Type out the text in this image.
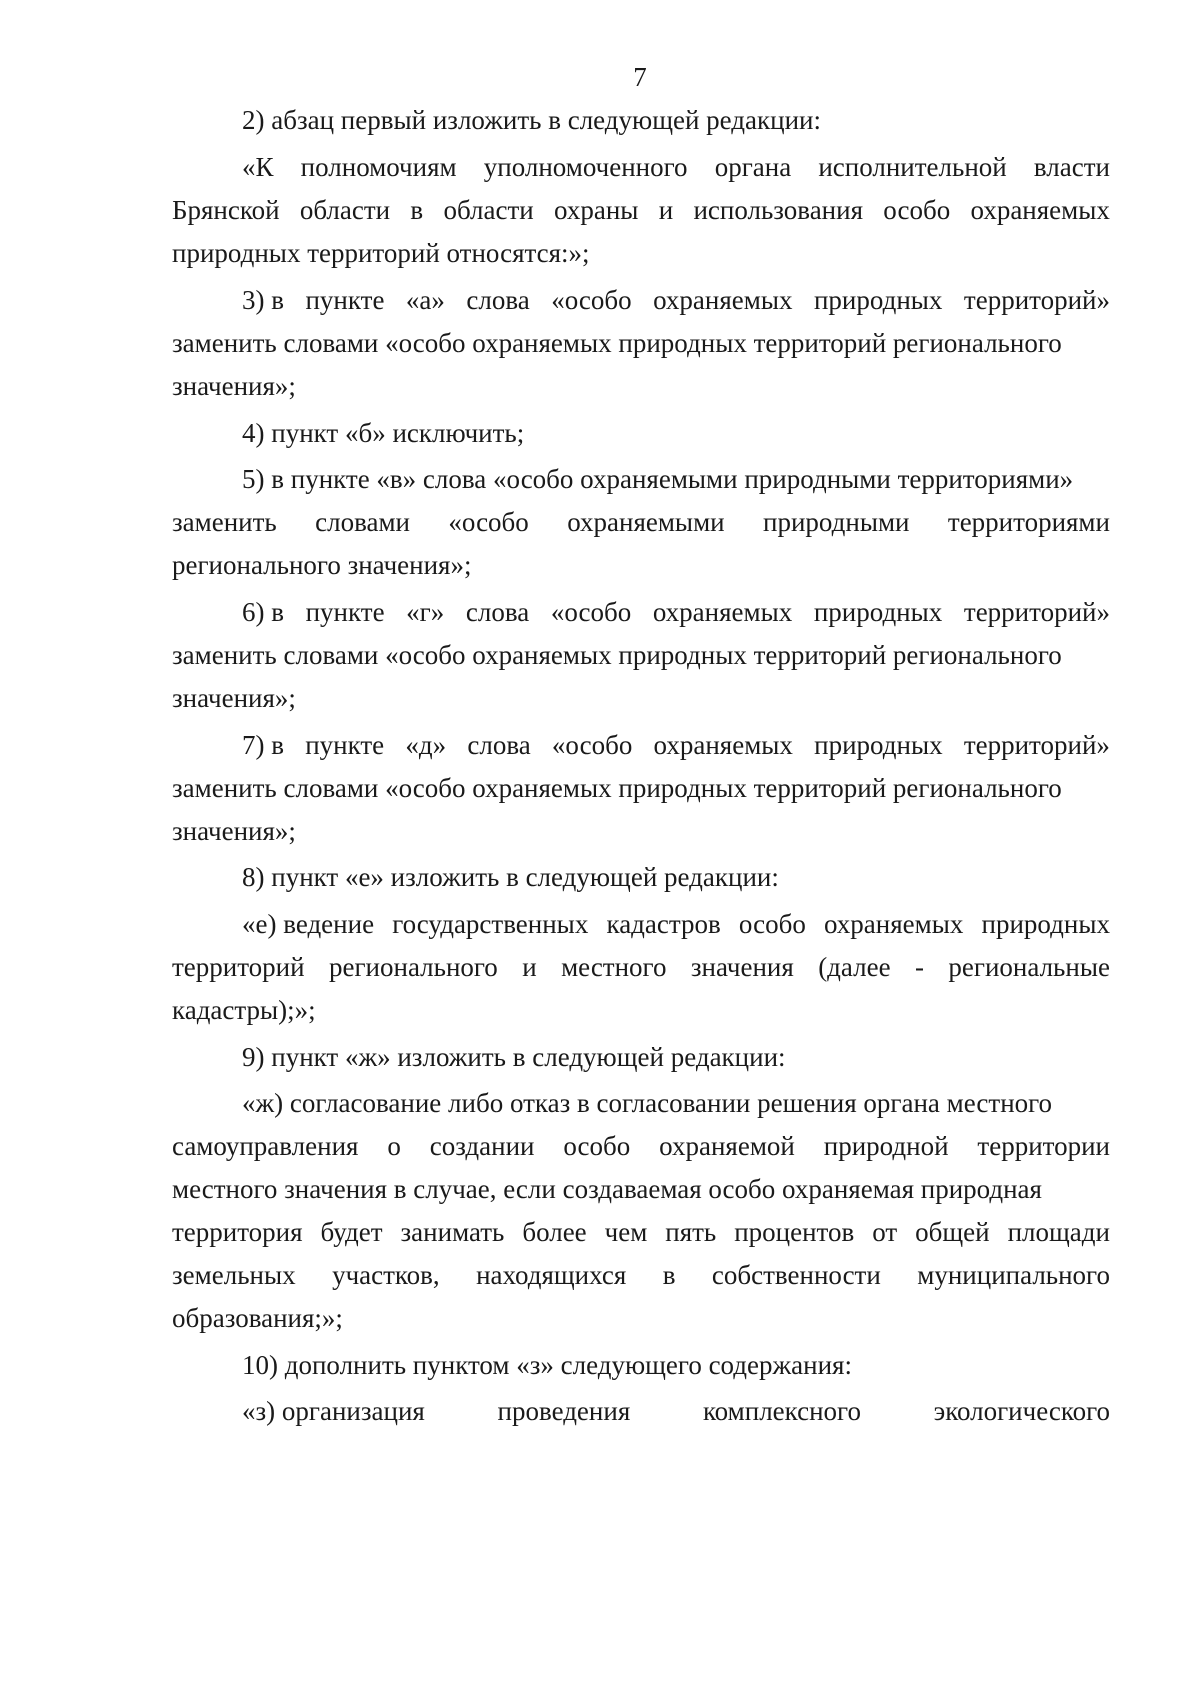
7
2) абзац первый изложить в следующей редакции:
«К полномочиям уполномоченного органа исполнительной власти
Брянской области в области охраны и использования особо охраняемых
природных территорий относятся:»;
3) в пункте «а» слова «особо охраняемых природных территорий»
заменить словами «особо охраняемых природных территорий регионального
значения»;
4) пункт «б» исключить;
5) в пункте «в» слова «особо охраняемыми природными территориями»
заменить словами «особо охраняемыми природными территориями
регионального значения»;
6) в пункте «г» слова «особо охраняемых природных территорий»
заменить словами «особо охраняемых природных территорий регионального
значения»;
7) в пункте «д» слова «особо охраняемых природных территорий»
заменить словами «особо охраняемых природных территорий регионального
значения»;
8) пункт «е» изложить в следующей редакции:
«е) ведение государственных кадастров особо охраняемых природных
территорий регионального и местного значения (далее - региональные
кадастры);»;
9) пункт «ж» изложить в следующей редакции:
«ж) согласование либо отказ в согласовании решения органа местного
самоуправления о создании особо охраняемой природной территории
местного значения в случае, если создаваемая особо охраняемая природная
территория будет занимать более чем пять процентов от общей площади
земельных участков, находящихся в собственности муниципального
образования;»;
10) дополнить пунктом «з» следующего содержания:
«з) организация	проведения	комплексного	экологического
